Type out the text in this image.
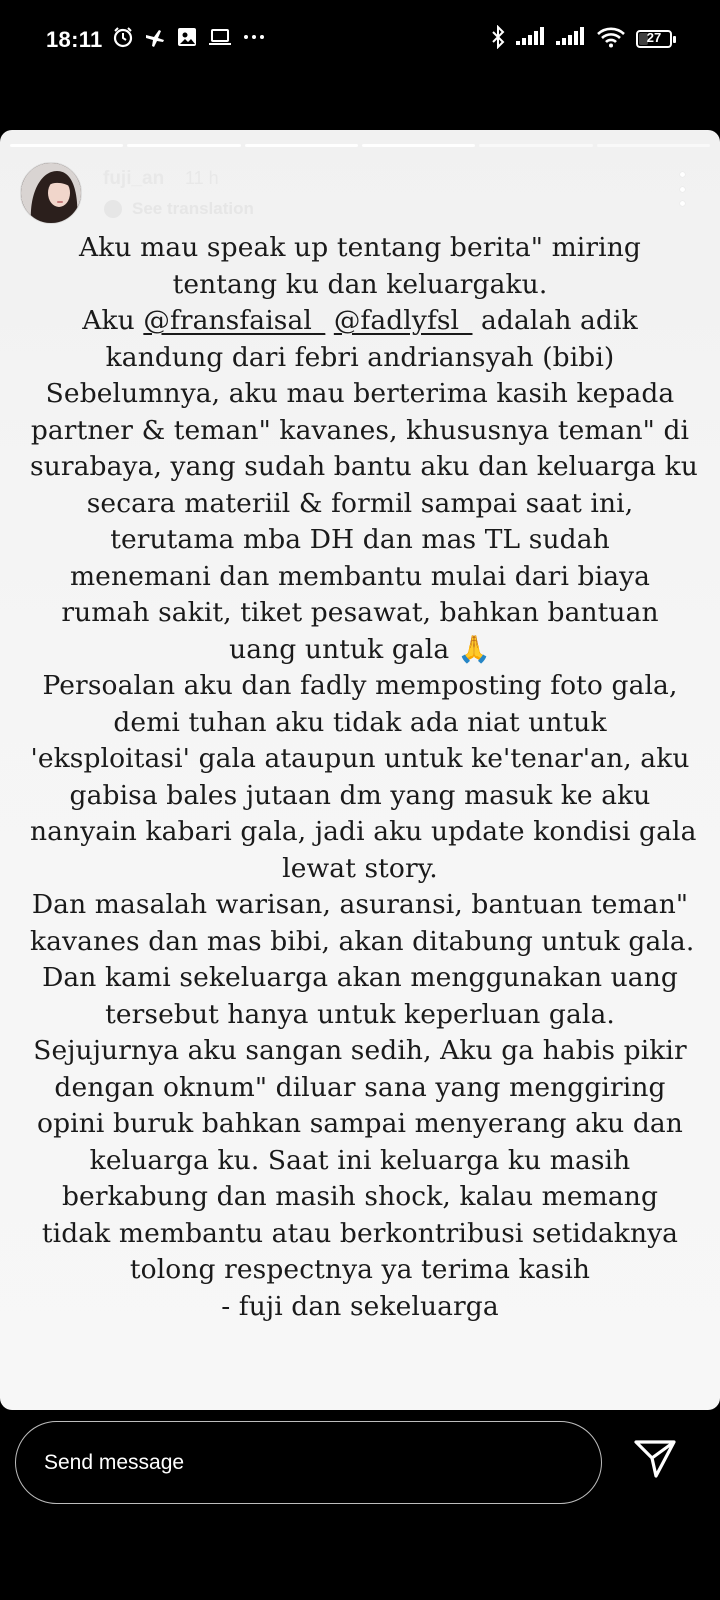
18:11	27
fuji_an 11 h
See translation
Aku mau speak up tentang berita" miring
tentang ku dan keluargaku.
Aku @fransfaisal_ @fadlyfsl_ adalah adik
kandung dari febri andriansyah (bibi)
Sebelumnya, aku mau berterima kasih kepada
partner & teman" kavanes, khususnya teman" di
surabaya, yang sudah bantu aku dan keluarga ku
secara materiil & formil sampai saat ini,
terutama mba DH dan mas TL sudah
menemani dan membantu mulai dari biaya
rumah sakit, tiket pesawat, bahkan bantuan
uang untuk gala 🙏
Persoalan aku dan fadly memposting foto gala,
demi tuhan aku tidak ada niat untuk
'eksploitasi' gala ataupun untuk ke'tenar'an, aku
gabisa bales jutaan dm yang masuk ke aku
nanyain kabari gala, jadi aku update kondisi gala
lewat story.
Dan masalah warisan, asuransi, bantuan teman"
kavanes dan mas bibi, akan ditabung untuk gala.
Dan kami sekeluarga akan menggunakan uang
tersebut hanya untuk keperluan gala.
Sejujurnya aku sangan sedih, Aku ga habis pikir
dengan oknum" diluar sana yang menggiring
opini buruk bahkan sampai menyerang aku dan
keluarga ku. Saat ini keluarga ku masih
berkabung dan masih shock, kalau memang
tidak membantu atau berkontribusi setidaknya
tolong respectnya ya terima kasih
- fuji dan sekeluarga
Send message
